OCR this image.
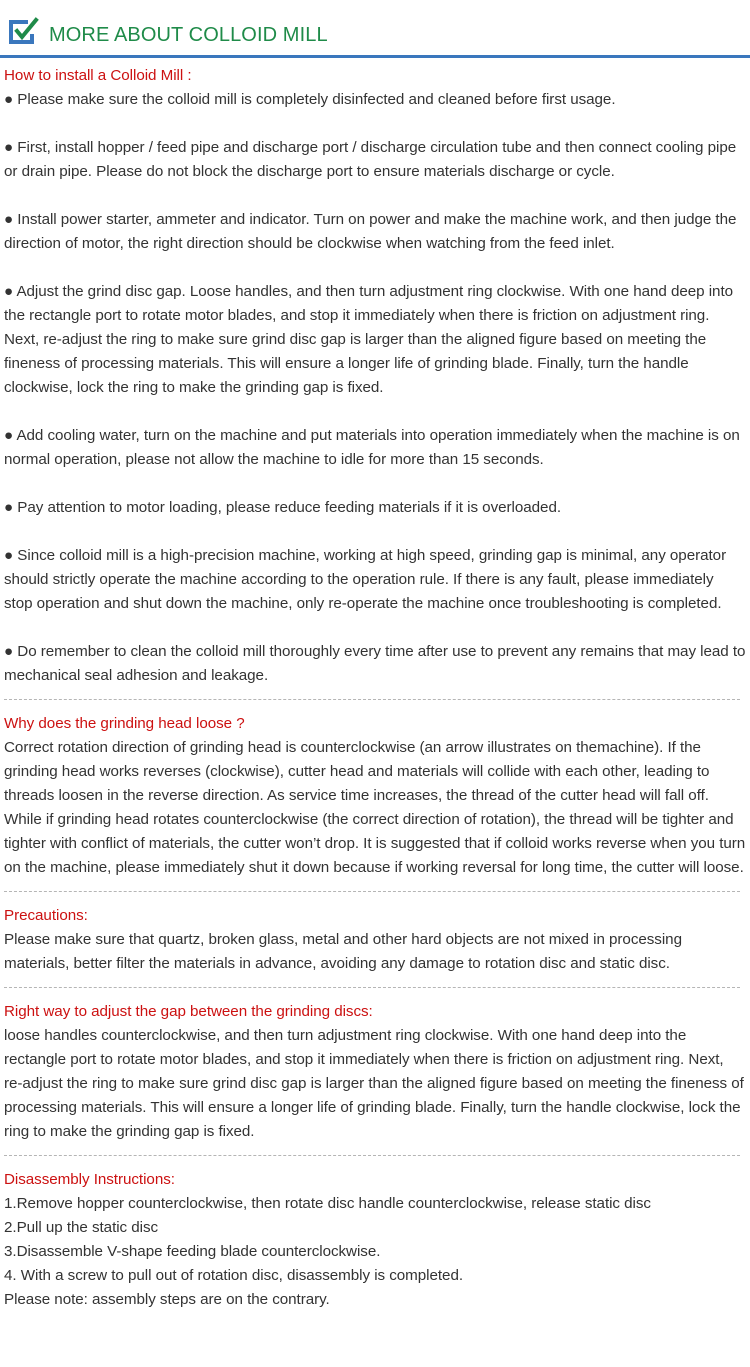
MORE ABOUT COLLOID MILL
How to install a Colloid Mill :
● Please make sure the colloid mill is completely disinfected and cleaned before first usage.
● First, install hopper / feed pipe and discharge port / discharge circulation tube and then connect cooling pipe or drain pipe. Please do not block the discharge port to ensure materials discharge or cycle.
● Install power starter, ammeter and indicator. Turn on power and make the machine work, and then judge the direction of motor, the right direction should be clockwise when watching from the feed inlet.
● Adjust the grind disc gap. Loose handles, and then turn adjustment ring clockwise. With one hand deep into the rectangle port to rotate motor blades, and stop it immediately when there is friction on adjustment ring. Next, re-adjust the ring to make sure grind disc gap is larger than the aligned figure based on meeting the fineness of processing materials. This will ensure a longer life of grinding blade. Finally, turn the handle clockwise, lock the ring to make the grinding gap is fixed.
● Add cooling water, turn on the machine and put materials into operation immediately when the machine is on normal operation, please not allow the machine to idle for more than 15 seconds.
● Pay attention to motor loading, please reduce feeding materials if it is overloaded.
● Since colloid mill is a high-precision machine, working at high speed, grinding gap is minimal, any operator should strictly operate the machine according to the operation rule. If there is any fault, please immediately stop operation and shut down the machine, only re-operate the machine once troubleshooting is completed.
● Do remember to clean the colloid mill thoroughly every time after use to prevent any remains that may lead to mechanical seal adhesion and leakage.
Why does the grinding head loose ?
Correct rotation direction of grinding head is counterclockwise (an arrow illustrates on themachine). If the grinding head works reverses (clockwise), cutter head and materials will collide with each other, leading to threads loosen in the reverse direction. As service time increases, the thread of the cutter head will fall off. While if grinding head rotates counterclockwise (the correct direction of rotation), the thread will be tighter and tighter with conflict of materials, the cutter won’t drop. It is suggested that if colloid works reverse when you turn on the machine, please immediately shut it down because if working reversal for long time, the cutter will loose.
Precautions:
Please make sure that quartz, broken glass, metal and other hard objects are not mixed in processing materials, better filter the materials in advance, avoiding any damage to rotation disc and static disc.
Right way to adjust the gap between the grinding discs:
loose handles counterclockwise, and then turn adjustment ring clockwise. With one hand deep into the rectangle port to rotate motor blades, and stop it immediately when there is friction on adjustment ring. Next, re-adjust the ring to make sure grind disc gap is larger than the aligned figure based on meeting the fineness of processing materials. This will ensure a longer life of grinding blade. Finally, turn the handle clockwise, lock the ring to make the grinding gap is fixed.
Disassembly Instructions:
1.Remove hopper counterclockwise, then rotate disc handle counterclockwise, release static disc
2.Pull up the static disc
3.Disassemble V-shape feeding blade counterclockwise.
4. With a screw to pull out of rotation disc, disassembly is completed.
Please note: assembly steps are on the contrary.
